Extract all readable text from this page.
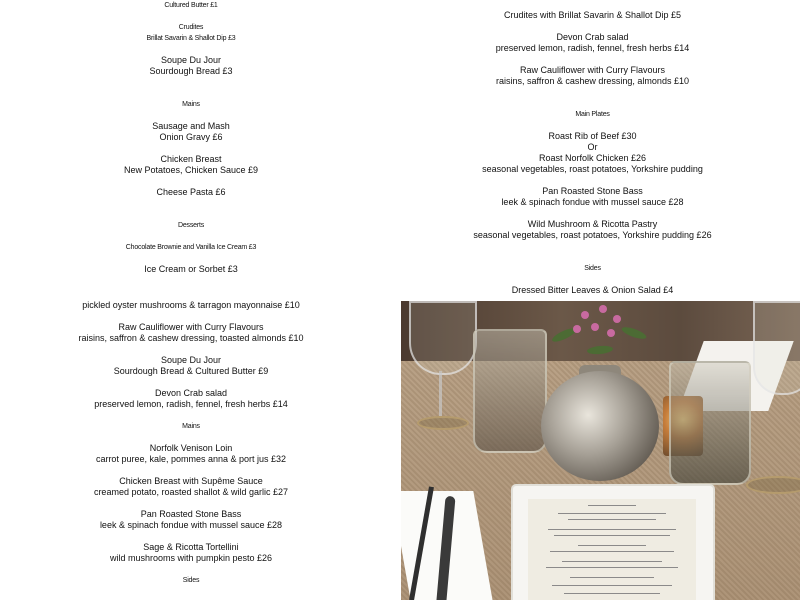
Cultured Butter £1
Crudites
Brillat Savarin & Shallot Dip £3
Soupe Du Jour
Sourdough Bread £3
Mains
Sausage and Mash
Onion Gravy £6
Chicken Breast
New Potatoes, Chicken Sauce £9
Cheese Pasta £6
Desserts
Chocolate Brownie and Vanilla Ice Cream £3
Ice Cream or Sorbet £3
Crudites with Brillat Savarin & Shallot Dip £5
Devon Crab salad
preserved lemon, radish, fennel, fresh herbs £14
Raw Cauliflower with Curry Flavours
raisins, saffron & cashew dressing, almonds £10
Main Plates
Roast Rib of Beef £30
Or
Roast Norfolk Chicken £26
seasonal vegetables, roast potatoes, Yorkshire pudding
Pan Roasted Stone Bass
leek & spinach fondue with mussel sauce £28
Wild Mushroom & Ricotta Pastry
seasonal vegetables, roast potatoes, Yorkshire pudding £26
Sides
Dressed Bitter Leaves & Onion Salad £4
pickled oyster mushrooms & tarragon mayonnaise £10
Raw Cauliflower with Curry Flavours
raisins, saffron & cashew dressing, toasted almonds £10
Soupe Du Jour
Sourdough Bread & Cultured Butter £9
Devon Crab salad
preserved lemon, radish, fennel, fresh herbs £14
Mains
Norfolk Venison Loin
carrot puree, kale, pommes anna & port jus £32
Chicken Breast with Supême Sauce
creamed potato, roasted shallot & wild garlic £27
Pan Roasted Stone Bass
leek & spinach fondue with mussel sauce £28
Sage & Ricotta Tortellini
wild mushrooms with pumpkin pesto £26
Sides
